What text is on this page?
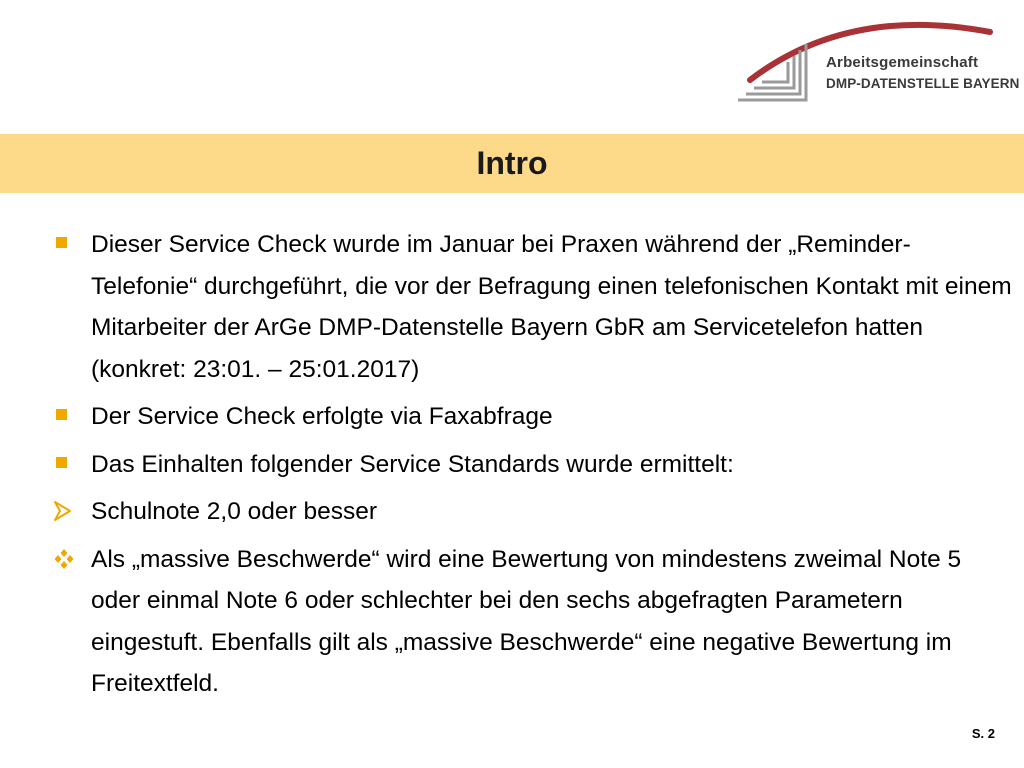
Arbeitsgemeinschaft
DMP-DATENSTELLE BAYERN
Intro
Dieser Service Check wurde im Januar bei Praxen während der „Reminder-Telefonie“ durchgeführt, die vor der Befragung einen telefonischen Kontakt mit einem Mitarbeiter der ArGe DMP-Datenstelle Bayern GbR am Servicetelefon hatten (konkret: 23:01. – 25:01.2017)
Der Service Check erfolgte via Faxabfrage
Das Einhalten folgender Service Standards wurde ermittelt:
Schulnote 2,0 oder besser
Als „massive Beschwerde“ wird eine Bewertung von mindestens zweimal Note 5 oder einmal Note 6 oder schlechter bei den sechs abgefragten Parametern eingestuft. Ebenfalls gilt als „massive Beschwerde“ eine negative Bewertung im Freitextfeld.
S. 2
